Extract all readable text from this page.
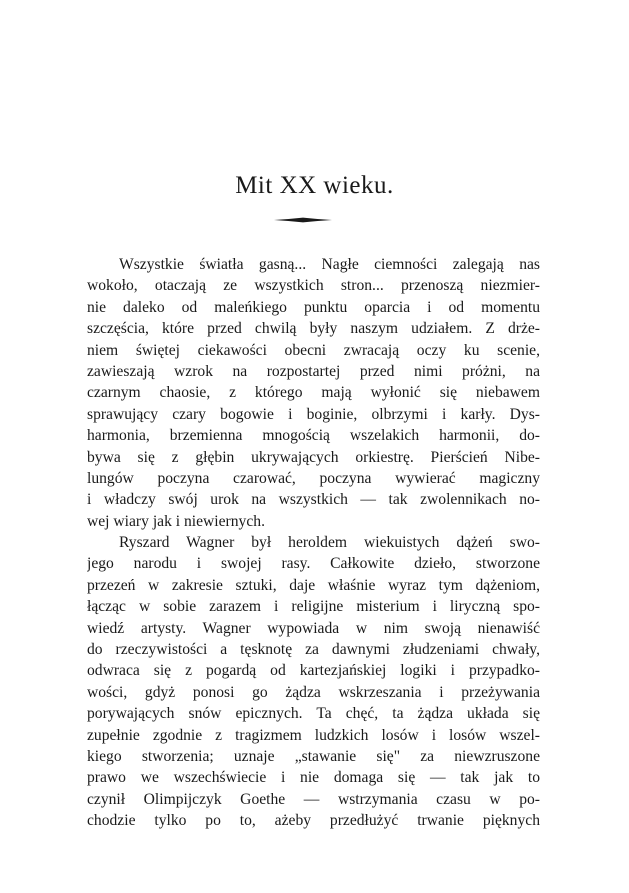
Mit XX wieku.
Wszystkie światła gasną... Nagłe ciemności zalegają nas
wokoło, otaczają ze wszystkich stron... przenoszą niezmier-
nie daleko od maleńkiego punktu oparcia i od momentu
szczęścia, które przed chwilą były naszym udziałem. Z drże-
niem świętej ciekawości obecni zwracają oczy ku scenie,
zawieszają wzrok na rozpostartej przed nimi próżni, na
czarnym chaosie, z którego mają wyłonić się niebawem
sprawujący czary bogowie i boginie, olbrzymi i karły. Dys-
harmonia, brzemienna mnogością wszelakich harmonii, do-
bywa się z głębin ukrywających orkiestrę. Pierścień Nibe-
lungów poczyna czarować, poczyna wywierać magiczny
i władczy swój urok na wszystkich — tak zwolennikach no-
wej wiary jak i niewiernych.
Ryszard Wagner był heroldem wiekuistych dążeń swo-
jego narodu i swojej rasy. Całkowite dzieło, stworzone
przezeń w zakresie sztuki, daje właśnie wyraz tym dążeniom,
łącząc w sobie zarazem i religijne misterium i liryczną spo-
wiedź artysty. Wagner wypowiada w nim swoją nienawiść
do rzeczywistości a tęsknotę za dawnymi złudzeniami chwały,
odwraca się z pogardą od kartezjańskiej logiki i przypadko-
wości, gdyż ponosi go żądza wskrzeszania i przeżywania
porywających snów epicznych. Ta chęć, ta żądza układa się
zupełnie zgodnie z tragizmem ludzkich losów i losów wszel-
kiego stworzenia; uznaje „stawanie się" za niewzruszone
prawo we wszechświecie i nie domaga się — tak jak to
czynił Olimpijczyk Goethe — wstrzymania czasu w po-
chodzie tylko po to, ażeby przedłużyć trwanie pięknych
